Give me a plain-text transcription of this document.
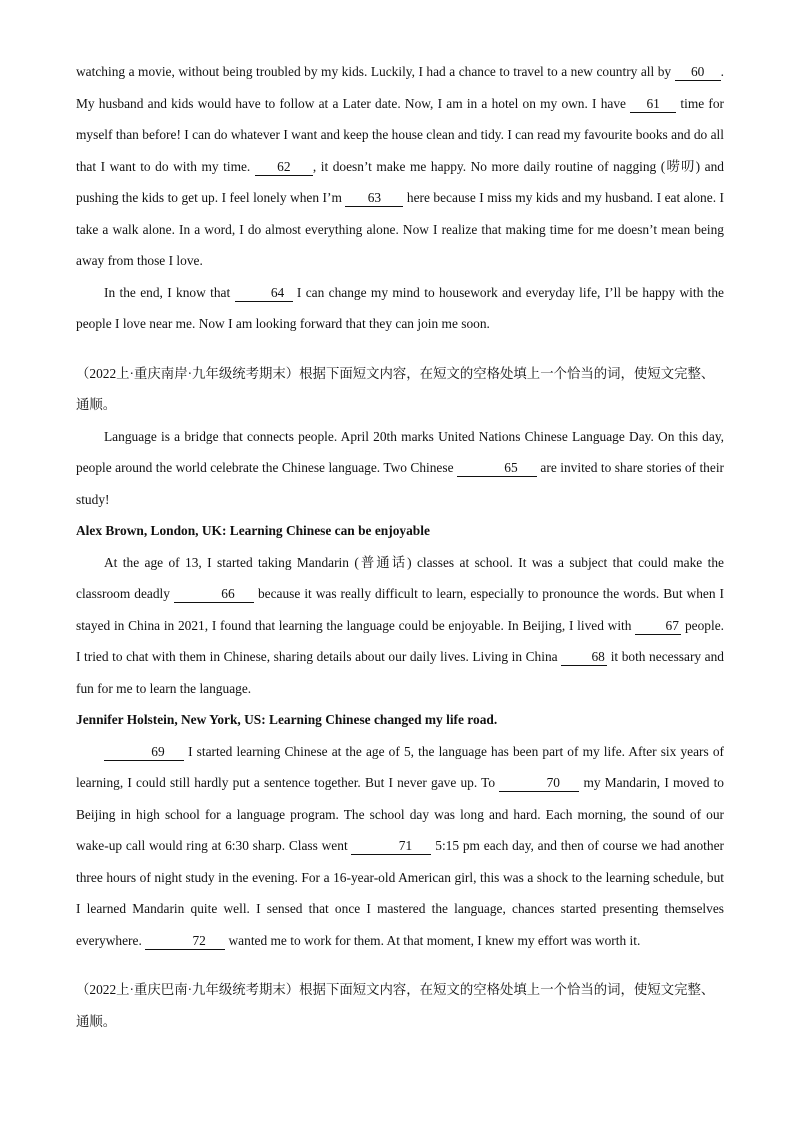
watching a movie, without being troubled by my kids. Luckily, I had a chance to travel to a new country all by 60 . My husband and kids would have to follow at a Later date. Now, I am in a hotel on my own. I have 61 time for myself than before! I can do whatever I want and keep the house clean and tidy. I can read my favourite books and do all that I want to do with my time. 62 , it doesn’t make me happy. No more daily routine of nagging (唠叨) and pushing the kids to get up. I feel lonely when I’m 63 here because I miss my kids and my husband. I eat alone. I take a walk alone. In a word, I do almost everything alone. Now I realize that making time for me doesn’t mean being away from those I love.

In the end, I know that	64 I can change my mind to housework and everyday life, I’ll be happy with the people I love near me. Now I am looking forward that they can join me soon.

（2022上·重庆南岸·九年级统考期末）根据下面短文内容，在短文的空格处填上一个恰当的词，使短文完整、通顺。

Language is a bridge that connects people. April 20th marks United Nations Chinese Language Day. On this day, people around the world celebrate the Chinese language. Two Chinese	65 are invited to share stories of their study!

Alex Brown, London, UK: Learning Chinese can be enjoyable

At the age of 13, I started taking Mandarin (普通话) classes at school. It was a subject that could make the classroom deadly	66 because it was really difficult to learn, especially to pronounce the words. But when I stayed in China in 2021, I found that learning the language could be enjoyable. In Beijing, I lived with 67 people. I tried to chat with them in Chinese, sharing details about our daily lives. Living in China 68 it both necessary and fun for me to learn the language.

Jennifer Holstein, New York, US: Learning Chinese changed my life road.

69 I started learning Chinese at the age of 5, the language has been part of my life. After six years of learning, I could still hardly put a sentence together. But I never gave up. To	70 my Mandarin, I moved to Beijing in high school for a language program. The school day was long and hard. Each morning, the sound of our wake-up call would ring at 6:30 sharp. Class went	71 5:15 pm each day, and then of course we had another three hours of night study in the evening. For a 16-year-old American girl, this was a shock to the learning schedule, but I learned Mandarin quite well. I sensed that once I mastered the language, chances started presenting themselves everywhere.	72 wanted me to work for them. At that moment, I knew my effort was worth it.

（2022上·重庆巴南·九年级统考期末）根据下面短文内容，在短文的空格处填上一个恰当的词，使短文完整、通顺。
